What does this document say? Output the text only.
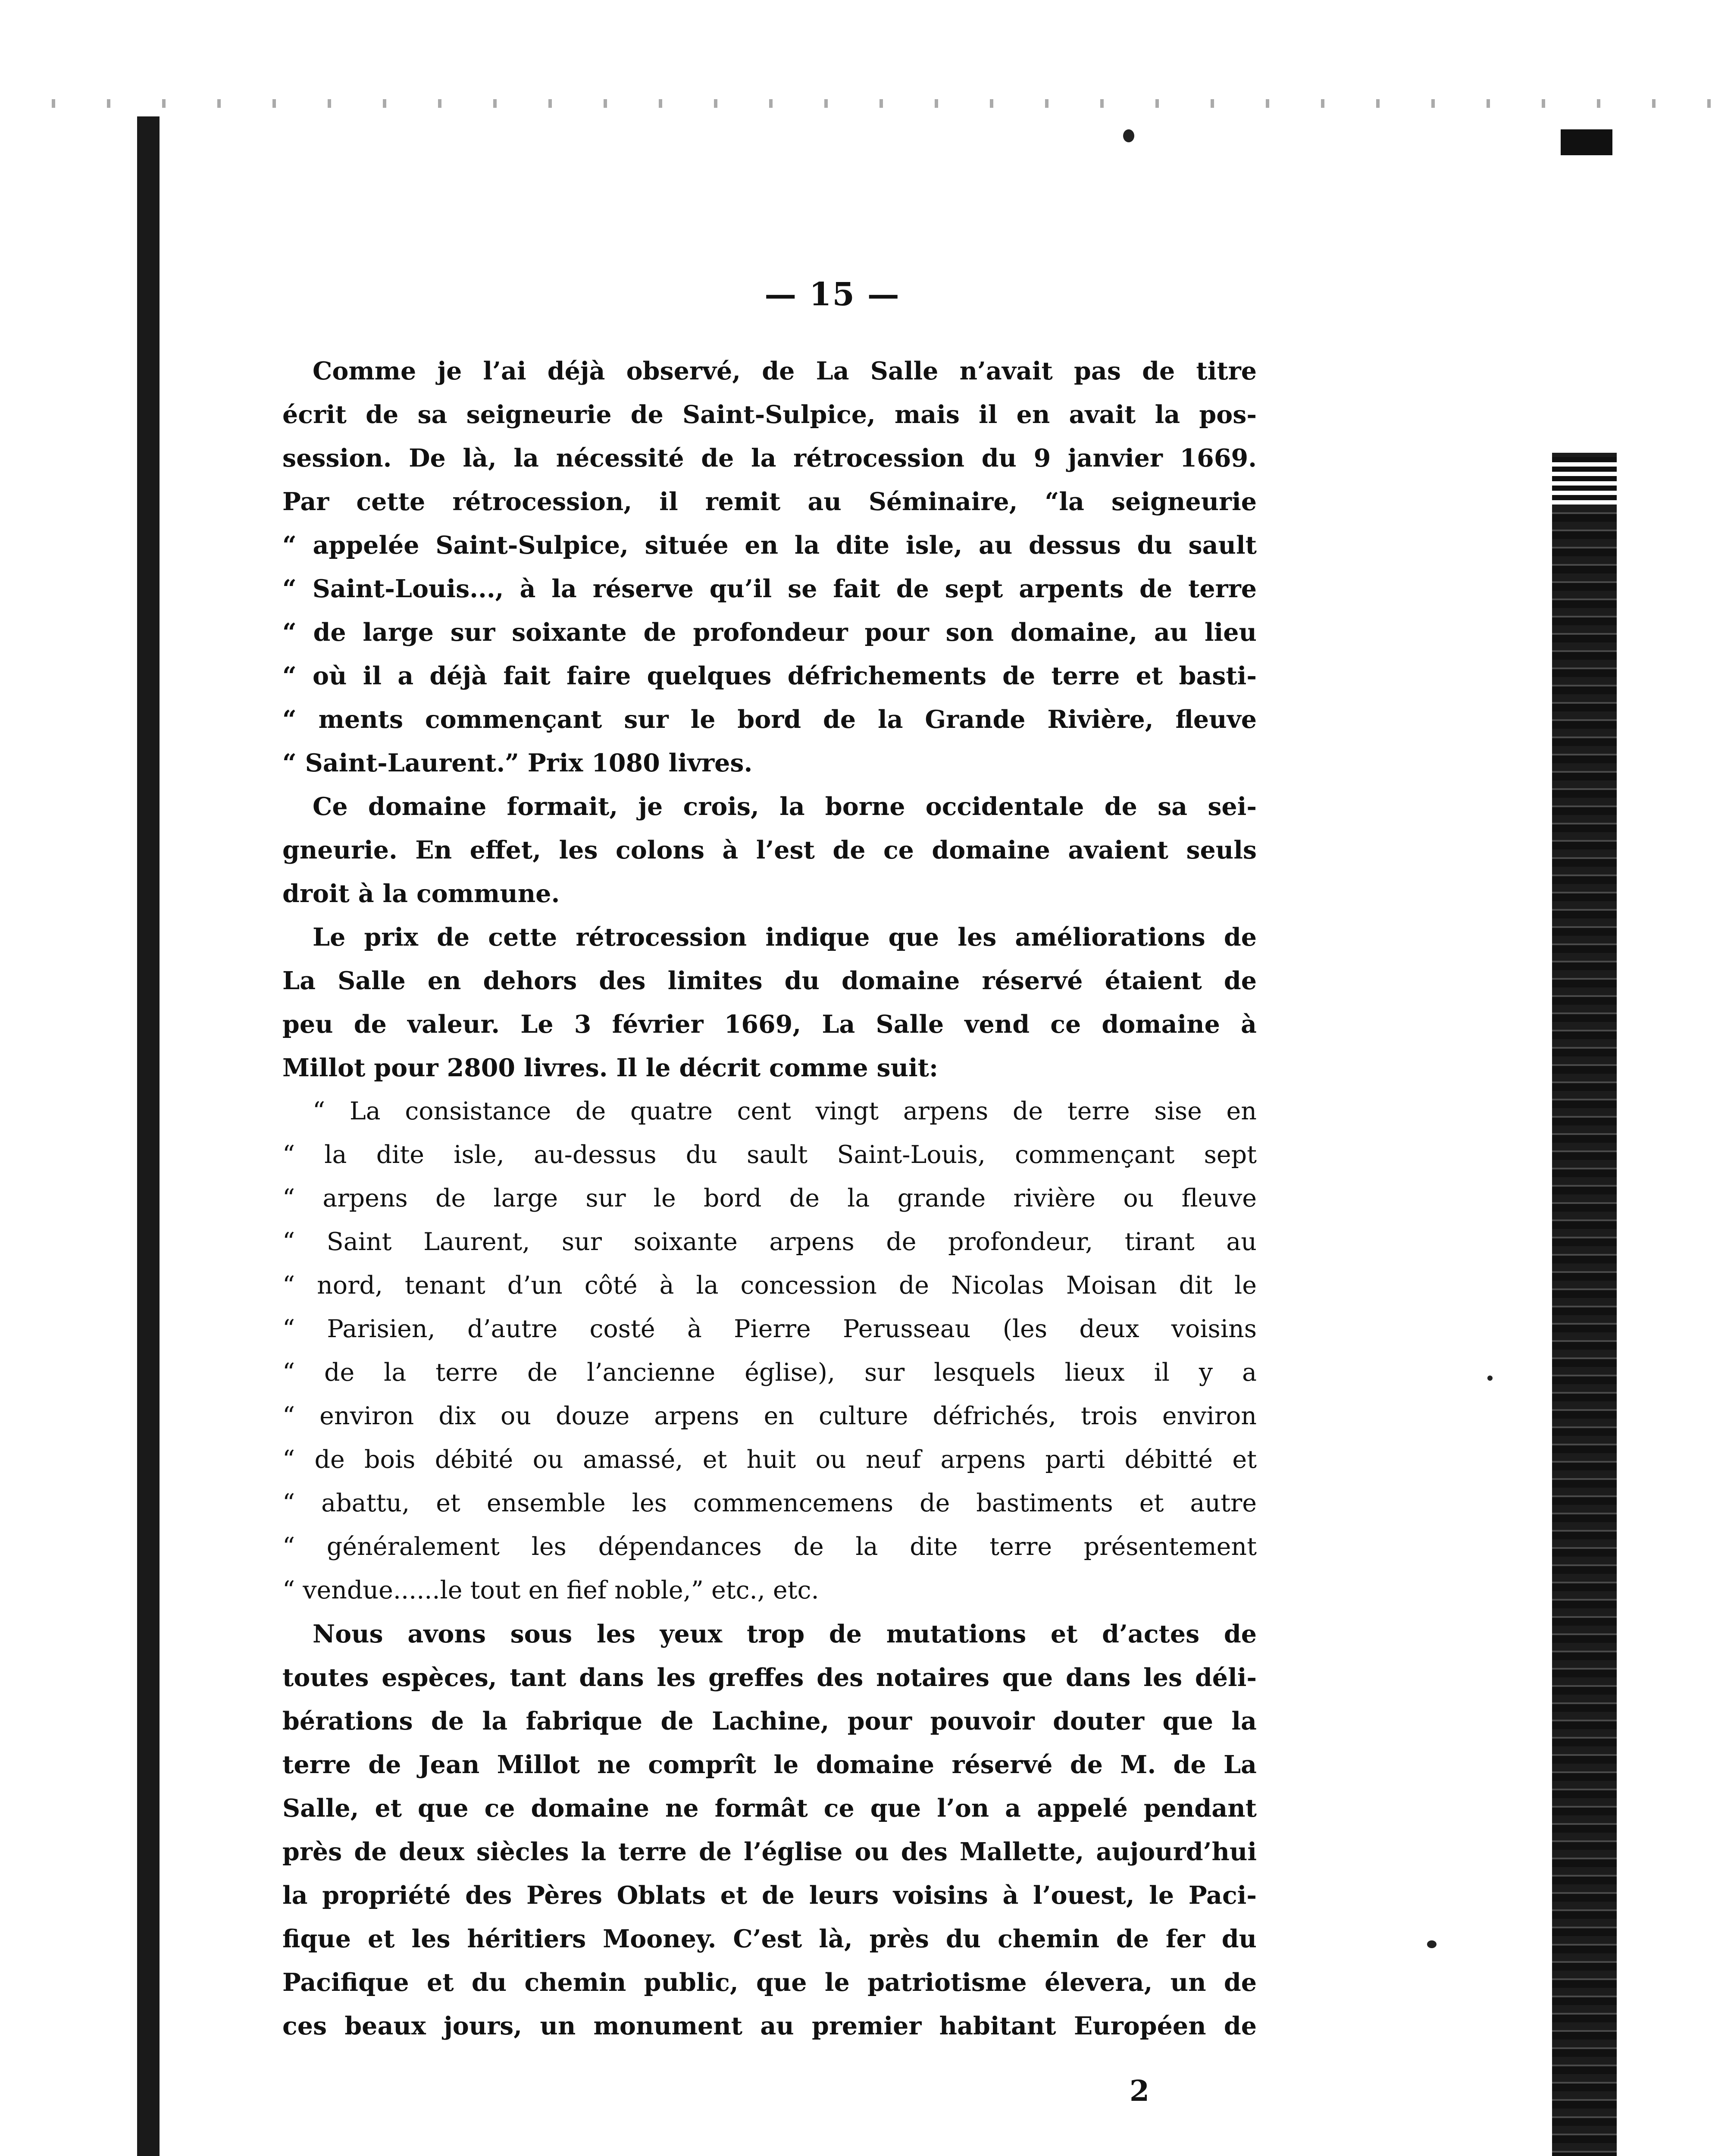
— 15 —
Comme je l’ai déjà observé, de La Salle n’avait pas de titre
écrit de sa seigneurie de Saint-Sulpice, mais il en avait la pos-
session. De là, la nécessité de la rétrocession du 9 janvier 1669.
Par cette rétrocession, il remit au Séminaire, “la seigneurie
“ appelée Saint-Sulpice, située en la dite isle, au dessus du sault
“ Saint-Louis..., à la réserve qu’il se fait de sept arpents de terre
“ de large sur soixante de profondeur pour son domaine, au lieu
“ où il a déjà fait faire quelques défrichements de terre et basti-
“ ments commençant sur le bord de la Grande Rivière, fleuve
“ Saint-Laurent.” Prix 1080 livres.
Ce domaine formait, je crois, la borne occidentale de sa sei-
gneurie. En effet, les colons à l’est de ce domaine avaient seuls
droit à la commune.
Le prix de cette rétrocession indique que les améliorations de
La Salle en dehors des limites du domaine réservé étaient de
peu de valeur. Le 3 février 1669, La Salle vend ce domaine à
Millot pour 2800 livres. Il le décrit comme suit:
“ La consistance de quatre cent vingt arpens de terre sise en
“ la dite isle, au-dessus du sault Saint-Louis, commençant sept
“ arpens de large sur le bord de la grande rivière ou fleuve
“ Saint Laurent, sur soixante arpens de profondeur, tirant au
“ nord, tenant d’un côté à la concession de Nicolas Moisan dit le
“ Parisien, d’autre costé à Pierre Perusseau (les deux voisins
“ de la terre de l’ancienne église), sur lesquels lieux il y a
“ environ dix ou douze arpens en culture défrichés, trois environ
“ de bois débité ou amassé, et huit ou neuf arpens parti débitté et
“ abattu, et ensemble les commencemens de bastiments et autre
“ généralement les dépendances de la dite terre présentement
“ vendue......le tout en fief noble,” etc., etc.
Nous avons sous les yeux trop de mutations et d’actes de
toutes espèces, tant dans les greffes des notaires que dans les déli-
bérations de la fabrique de Lachine, pour pouvoir douter que la
terre de Jean Millot ne comprît le domaine réservé de M. de La
Salle, et que ce domaine ne formât ce que l’on a appelé pendant
près de deux siècles la terre de l’église ou des Mallette, aujourd’hui
la propriété des Pères Oblats et de leurs voisins à l’ouest, le Paci-
fique et les héritiers Mooney. C’est là, près du chemin de fer du
Pacifique et du chemin public, que le patriotisme élevera, un de
ces beaux jours, un monument au premier habitant Européen de
2
